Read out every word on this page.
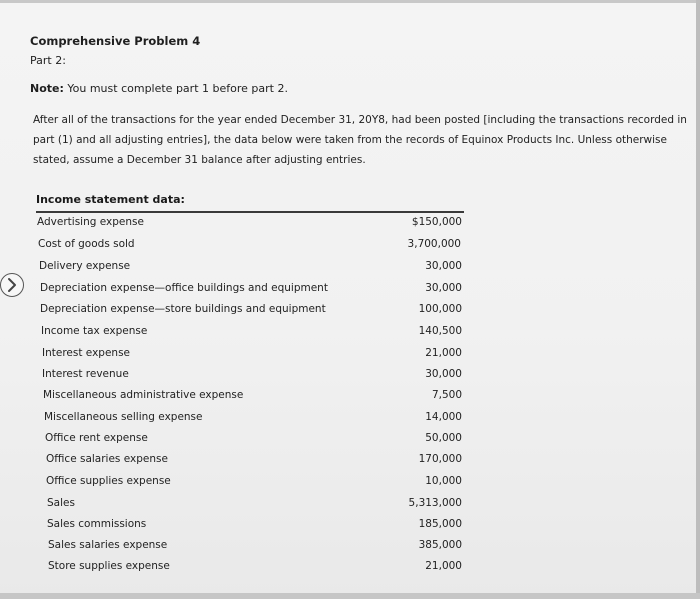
Comprehensive Problem 4
Part 2:
Note: You must complete part 1 before part 2.
After all of the transactions for the year ended December 31, 20Y8, had been posted [including the transactions recorded in
part (1) and all adjusting entries], the data below were taken from the records of Equinox Products Inc. Unless otherwise
stated, assume a December 31 balance after adjusting entries.
Income statement data:
Advertising expense	$150,000
Cost of goods sold	3,700,000
Delivery expense	30,000
Depreciation expense—office buildings and equipment	30,000
Depreciation expense—store buildings and equipment	100,000
Income tax expense	140,500
Interest expense	21,000
Interest revenue	30,000
Miscellaneous administrative expense	7,500
Miscellaneous selling expense	14,000
Office rent expense	50,000
Office salaries expense	170,000
Office supplies expense	10,000
Sales	5,313,000
Sales commissions	185,000
Sales salaries expense	385,000
Store supplies expense	21,000
